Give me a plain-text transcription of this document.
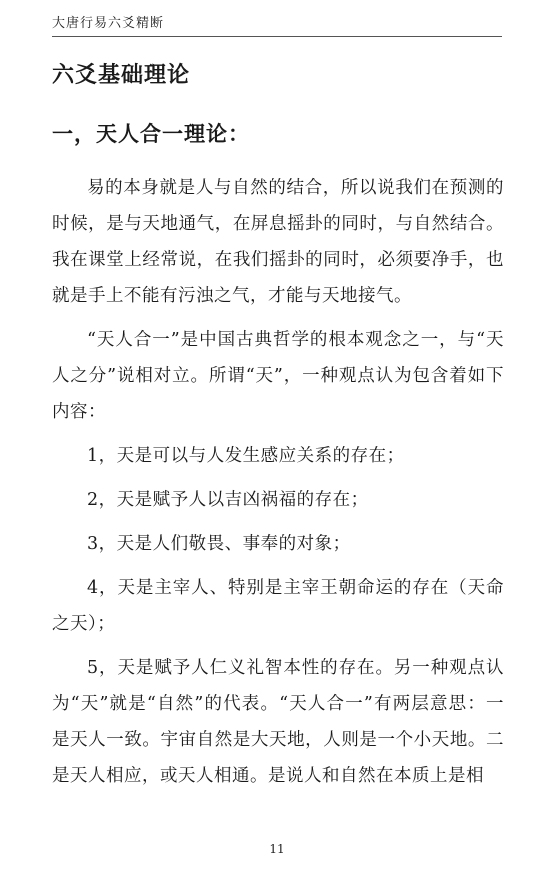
大唐行易六爻精断
六爻基础理论
一，天人合一理论：

易的本身就是人与自然的结合，所以说我们在预测的时候，是与天地通气，在屏息摇卦的同时，与自然结合。我在课堂上经常说，在我们摇卦的同时，必须要净手，也就是手上不能有污浊之气，才能与天地接气。

“天人合一”是中国古典哲学的根本观念之一，与“天人之分”说相对立。所谓“天”，一种观点认为包含着如下内容：

1，天是可以与人发生感应关系的存在；

2，天是赋予人以吉凶祸福的存在；

3，天是人们敬畏、事奉的对象；

4，天是主宰人、特别是主宰王朝命运的存在（天命之天）；

5，天是赋予人仁义礼智本性的存在。另一种观点认为“天”就是“自然”的代表。“天人合一”有两层意思：一是天人一致。宇宙自然是大天地，人则是一个小天地。二是天人相应，或天人相通。是说人和自然在本质上是相

11
